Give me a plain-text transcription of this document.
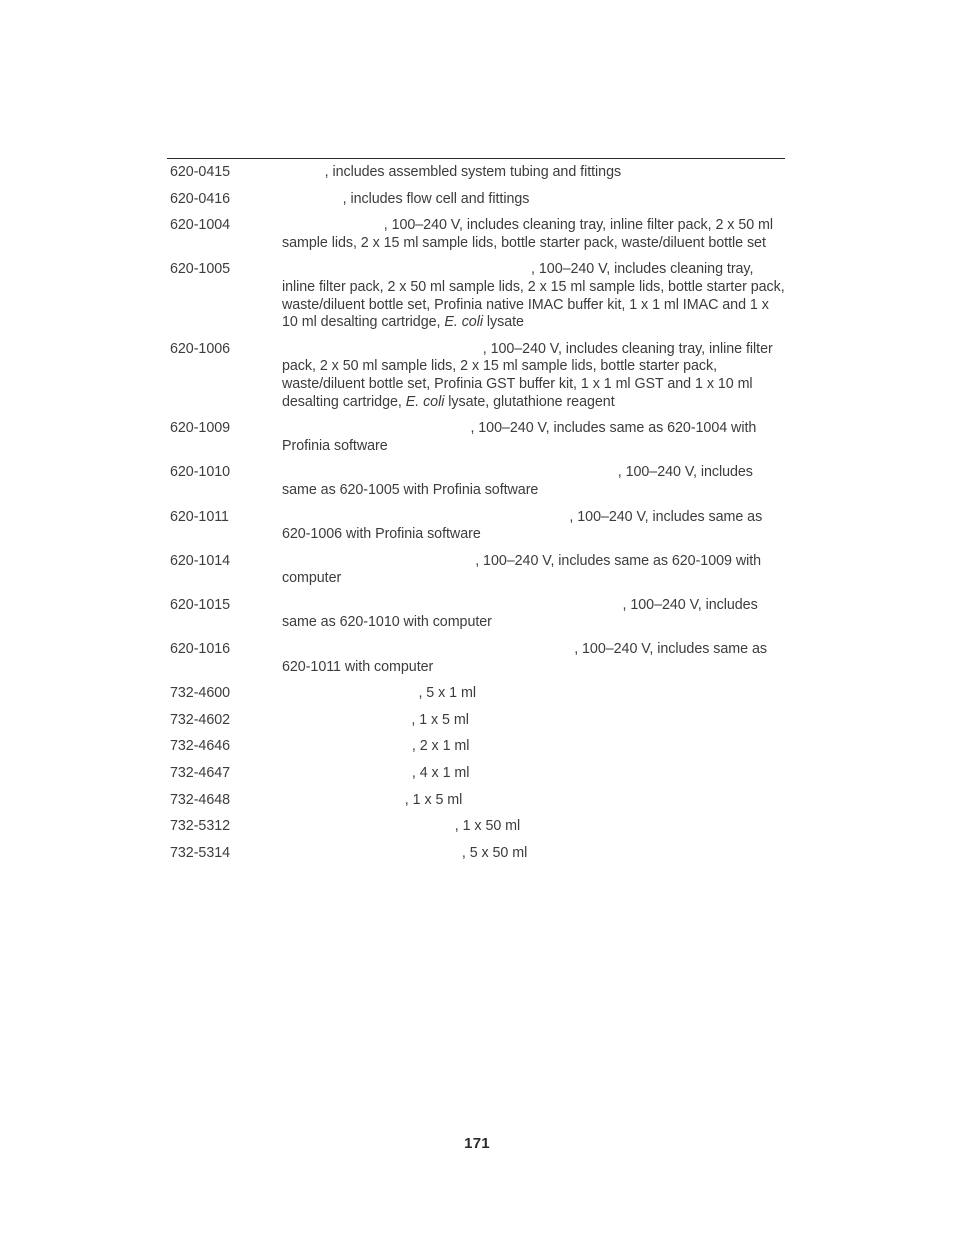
620-0415	, includes assembled system tubing and fittings

620-0416	, includes flow cell and fittings

620-1004	, 100–240 V, includes cleaning tray, inline filter pack, 2 x 50 ml sample lids, 2 x 15 ml sample lids, bottle starter pack, waste/diluent bottle set

620-1005	, 100–240 V, includes cleaning tray, inline filter pack, 2 x 50 ml sample lids, 2 x 15 ml sample lids, bottle starter pack, waste/diluent bottle set, Profinia native IMAC buffer kit, 1 x 1 ml IMAC and 1 x 10 ml desalting cartridge, E. coli lysate

620-1006	, 100–240 V, includes cleaning tray, inline filter pack, 2 x 50 ml sample lids, 2 x 15 ml sample lids, bottle starter pack, waste/diluent bottle set, Profinia GST buffer kit, 1 x 1 ml GST and 1 x 10 ml desalting cartridge, E. coli lysate, glutathione reagent

620-1009	, 100–240 V, includes same as 620-1004 with Profinia software

620-1010	, 100–240 V, includes same as 620-1005 with Profinia software

620-1011	, 100–240 V, includes same as 620-1006 with Profinia software

620-1014	, 100–240 V, includes same as 620-1009 with computer

620-1015	, 100–240 V, includes same as 620-1010 with computer

620-1016	, 100–240 V, includes same as 620-1011 with computer

732-4600	, 5 x 1 ml

732-4602	, 1 x 5 ml

732-4646	, 2 x 1 ml

732-4647	, 4 x 1 ml

732-4648	, 1 x 5 ml

732-5312	, 1 x 50 ml

732-5314	, 5 x 50 ml

171
